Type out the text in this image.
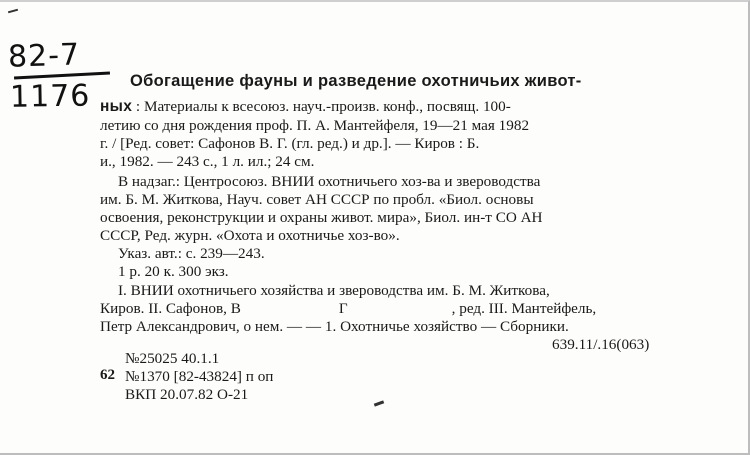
82-7
1176	Обогащение фауны и разведение охотничьих живот-
ных : Материалы к всесоюз. науч.-произв. конф., посвящ. 100-
летию со дня рождения проф. П. А. Мантейфеля, 19—21 мая 1982
г. / [Ред. совет: Сафонов В. Г. (гл. ред.) и др.]. — Киров : Б.
и., 1982. — 243 с., 1 л. ил.; 24 см.
В надзаг.: Центросоюз. ВНИИ охотничьего хоз-ва и звероводства
им. Б. М. Житкова, Науч. совет АН СССР по пробл. «Биол. основы
освоения, реконструкции и охраны живот. мира», Биол. ин-т СО АН
СССР, Ред. журн. «Охота и охотничье хоз-во».
Указ. авт.: с. 239—243.
1 р. 20 к. 300 экз.
I. ВНИИ охотничьего хозяйства и звероводства им. Б. М. Житкова,
Киров. II. Сафонов, В	Г	, ред. III. Мантейфель,
Петр Александрович, о нем. — — 1. Охотничье хозяйство — Сборники.
639.11/.16(063)
№25025 40.1.1
62 №1370 [82-43824] п оп
ВКП 20.07.82 О-21
